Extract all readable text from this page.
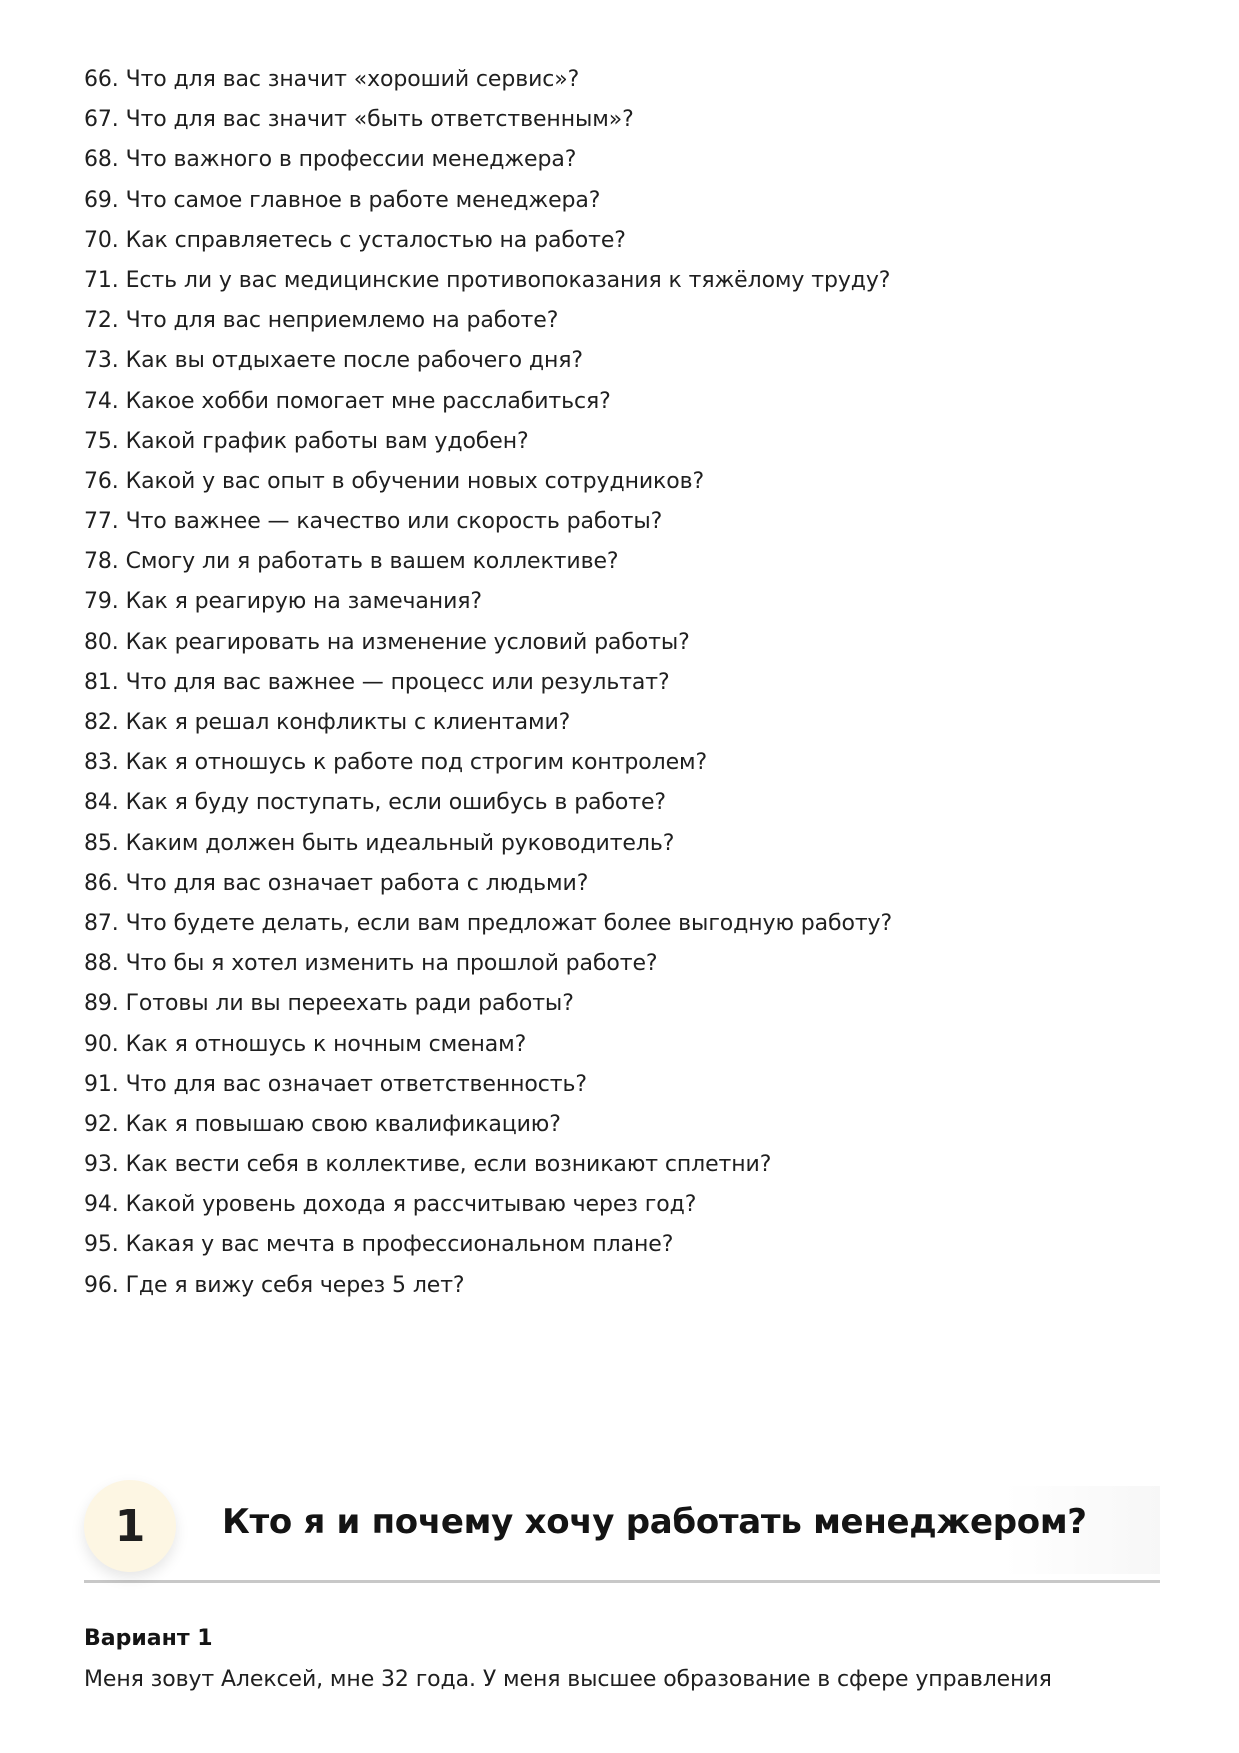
66 . Что для вас значит «хороший сервис»?
67 . Что для вас значит «быть ответственным»?
68 . Что важного в профессии менеджера?
69 . Что самое главное в работе менеджера?
70 . Как справляетесь с усталостью на работе?
71 . Есть ли у вас медицинские противопоказания к тяжёлому труду?
72 . Что для вас неприемлемо на работе?
73 . Как вы отдыхаете после рабочего дня?
74 . Какое хобби помогает мне расслабиться?
75 . Какой график работы вам удобен?
76 . Какой у вас опыт в обучении новых сотрудников?
77 . Что важнее — качество или скорость работы?
78 . Смогу ли я работать в вашем коллективе?
79 . Как я реагирую на замечания?
80 . Как реагировать на изменение условий работы?
81 . Что для вас важнее — процесс или результат?
82 . Как я решал конфликты с клиентами?
83 . Как я отношусь к работе под строгим контролем?
84 . Как я буду поступать, если ошибусь в работе?
85 . Каким должен быть идеальный руководитель?
86 . Что для вас означает работа с людьми?
87 . Что будете делать, если вам предложат более выгодную работу?
88 . Что бы я хотел изменить на прошлой работе?
89 . Готовы ли вы переехать ради работы?
90 . Как я отношусь к ночным сменам?
91 . Что для вас означает ответственность?
92 . Как я повышаю свою квалификацию?
93 . Как вести себя в коллективе, если возникают сплетни?
94 . Какой уровень дохода я рассчитываю через год?
95 . Какая у вас мечта в профессиональном плане?
96 . Где я вижу себя через 5 лет?
1	Кто я и почему хочу работать менеджером?

Вариант 1

Меня зовут Алексей, мне 32 года. У меня высшее образование в сфере управления
